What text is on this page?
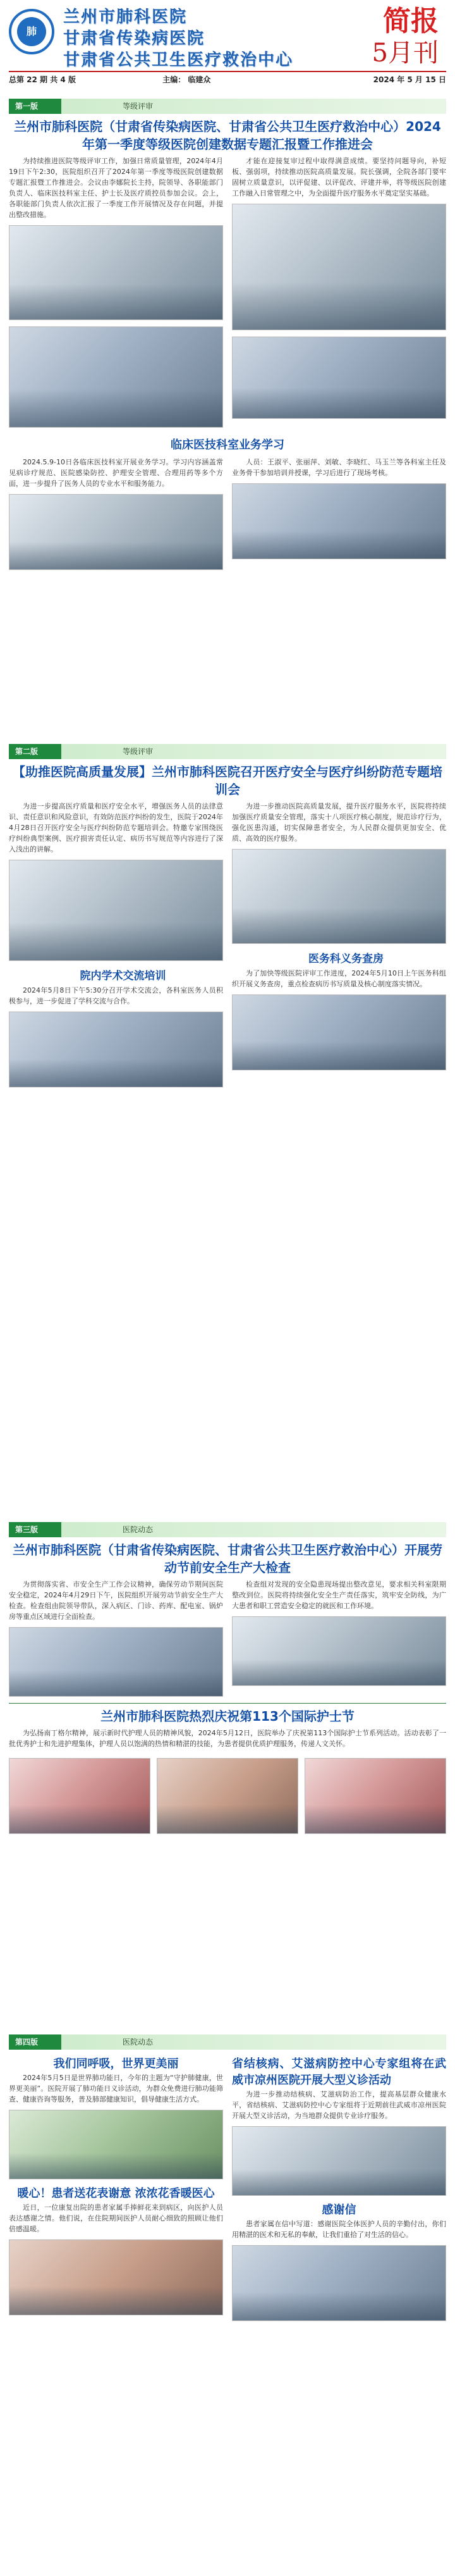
肺
兰州市肺科医院
甘肃省传染病医院
甘肃省公共卫生医疗救治中心
简报
5月刊
总第 22 期 共 4 版	主编： 临建众	2024 年 5 月 15 日
第一版	等级评审
兰州市肺科医院（甘肃省传染病医院、甘肃省公共卫生医疗救治中心）2024年第一季度等级医院创建数据专题汇报暨工作推进会

为持续推进医院等级评审工作，加强日常质量管理，2024年4月19日下午2:30，医院组织召开了2024年第一季度等级医院创建数据专题汇报暨工作推进会。会议由李娜院长主持，院领导、各职能部门负责人、临床医技科室主任、护士长及医疗质控员参加会议。会上，各职能部门负责人依次汇报了一季度工作开展情况及存在问题，并提出整改措施。

才能在迎接复审过程中取得满意成绩。要坚持问题导向，补短板、强弱项，持续推动医院高质量发展。院长强调，全院各部门要牢固树立质量意识，以评促建、以评促改、评建并举，将等级医院创建工作融入日常管理之中，为全面提升医疗服务水平奠定坚实基础。

临床医技科室业务学习

2024.5.9-10日各临床医技科室开展业务学习。学习内容涵盖常见病诊疗规范、医院感染防控、护理安全管理、合理用药等多个方面，进一步提升了医务人员的专业水平和服务能力。

人员：王淑平、张丽萍、刘敏、李晓红、马玉兰等各科室主任及业务骨干参加培训并授课，学习后进行了现场考核。

第二版	等级评审
【助推医院高质量发展】兰州市肺科医院召开医疗安全与医疗纠纷防范专题培训会

为进一步提高医疗质量和医疗安全水平，增强医务人员的法律意识、责任意识和风险意识，有效防范医疗纠纷的发生，医院于2024年4月28日召开医疗安全与医疗纠纷防范专题培训会。特邀专家围绕医疗纠纷典型案例、医疗损害责任认定、病历书写规范等内容进行了深入浅出的讲解。

院内学术交流培训

2024年5月8日下午5:30分召开学术交流会，各科室医务人员积极参与，进一步促进了学科交流与合作。

为进一步推动医院高质量发展，提升医疗服务水平，医院将持续加强医疗质量安全管理，落实十八项医疗核心制度，规范诊疗行为，强化医患沟通，切实保障患者安全，为人民群众提供更加安全、优质、高效的医疗服务。

医务科义务查房

为了加快等级医院评审工作进度，2024年5月10日上午医务科组织开展义务查房，重点检查病历书写质量及核心制度落实情况。

第三版	医院动态
兰州市肺科医院（甘肃省传染病医院、甘肃省公共卫生医疗救治中心）开展劳动节前安全生产大检查

为贯彻落实省、市安全生产工作会议精神，确保劳动节期间医院安全稳定，2024年4月29日下午，医院组织开展劳动节前安全生产大检查。检查组由院领导带队，深入病区、门诊、药库、配电室、锅炉房等重点区域进行全面检查。

检查组对发现的安全隐患现场提出整改意见，要求相关科室限期整改到位。医院将持续强化安全生产责任落实，筑牢安全防线，为广大患者和职工营造安全稳定的就医和工作环境。

兰州市肺科医院热烈庆祝第113个国际护士节

为弘扬南丁格尔精神，展示新时代护理人员的精神风貌，2024年5月12日，医院举办了庆祝第113个国际护士节系列活动。活动表彰了一批优秀护士和先进护理集体，护理人员以饱满的热情和精湛的技能，为患者提供优质护理服务，传递人文关怀。

第四版	医院动态
我们同呼吸，世界更美丽

2024年5月5日是世界肺功能日，今年的主题为“守护肺健康，世界更美丽”。医院开展了肺功能日义诊活动，为群众免费进行肺功能筛查、健康咨询等服务，普及肺部健康知识，倡导健康生活方式。

暖心！患者送花表谢意 浓浓花香暖医心

近日，一位康复出院的患者家属手捧鲜花来到病区，向医护人员表达感谢之情。他们说，在住院期间医护人员耐心细致的照顾让他们倍感温暖。

省结核病、艾滋病防控中心专家组将在武威市凉州医院开展大型义诊活动

为进一步推动结核病、艾滋病防治工作，提高基层群众健康水平，省结核病、艾滋病防控中心专家组将于近期前往武威市凉州医院开展大型义诊活动，为当地群众提供专业诊疗服务。

感谢信

患者家属在信中写道：感谢医院全体医护人员的辛勤付出，你们用精湛的医术和无私的奉献，让我们重拾了对生活的信心。
